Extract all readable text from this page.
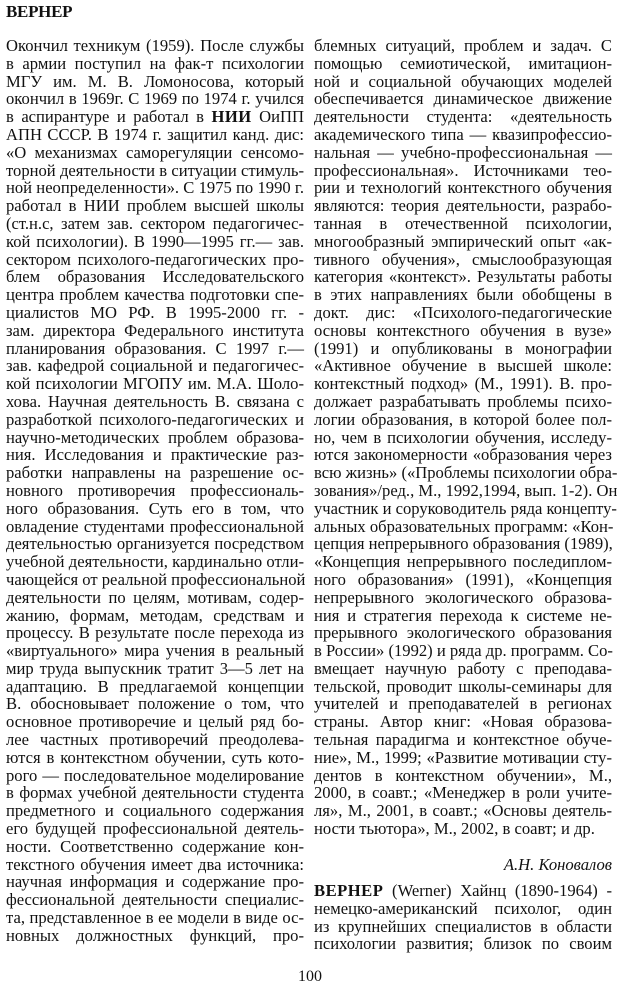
ВЕРНЕР
Окончил техникум (1959). После службы
в армии поступил на фак-т психологии
МГУ им. М. В. Ломоносова, который
окончил в 1969г. С 1969 по 1974 г. учился
в аспирантуре и работал в НИИ ОиПП
АПН СССР. В 1974 г. защитил канд. дис:
«О механизмах саморегуляции сенсомо-
торной деятельности в ситуации стимуль-
ной неопределенности». С 1975 по 1990 г.
работал в НИИ проблем высшей школы
(ст.н.с, затем зав. сектором педагогичес-
кой психологии). В 1990—1995 гг.— зав.
сектором психолого-педагогических про-
блем образования Исследовательского
центра проблем качества подготовки спе-
циалистов МО РФ. В 1995-2000 гг. -
зам. директора Федерального института
планирования образования. С 1997 г.—
зав. кафедрой социальной и педагогичес-
кой психологии МГОПУ им. М.А. Шоло-
хова. Научная деятельность В. связана с
разработкой психолого-педагогических и
научно-методических проблем образова-
ния. Исследования и практические раз-
работки направлены на разрешение ос-
новного противоречия профессиональ-
ного образования. Суть его в том, что
овладение студентами профессиональной
деятельностью организуется посредством
учебной деятельности, кардинально отли-
чающейся от реальной профессиональной
деятельности по целям, мотивам, содер-
жанию, формам, методам, средствам и
процессу. В результате после перехода из
«виртуального» мира учения в реальный
мир труда выпускник тратит 3—5 лет на
адаптацию. В предлагаемой концепции
В. обосновывает положение о том, что
основное противоречие и целый ряд бо-
лее частных противоречий преодолева-
ются в контекстном обучении, суть кото-
рого — последовательное моделирование
в формах учебной деятельности студента
предметного и социального содержания
его будущей профессиональной деятель-
ности. Соответственно содержание кон-
текстного обучения имеет два источника:
научная информация и содержание про-
фессиональной деятельности специалис-
та, представленное в ее модели в виде ос-
новных должностных функций, про-
блемных ситуаций, проблем и задач. С
помощью семиотической, имитацион-
ной и социальной обучающих моделей
обеспечивается динамическое движение
деятельности студента: «деятельность
академического типа — квазипрофессио-
нальная — учебно-профессиональная —
профессиональная». Источниками тео-
рии и технологий контекстного обучения
являются: теория деятельности, разрабо-
танная в отечественной психологии,
многообразный эмпирический опыт «ак-
тивного обучения», смыслообразующая
категория «контекст». Результаты работы
в этих направлениях были обобщены в
докт. дис: «Психолого-педагогические
основы контекстного обучения в вузе»
(1991) и опубликованы в монографии
«Активное обучение в высшей школе:
контекстный подход» (М., 1991). В. про-
должает разрабатывать проблемы психо-
логии образования, в которой более пол-
но, чем в психологии обучения, исследу-
ются закономерности «образования через
всю жизнь» («Проблемы психологии обра-
зования»/ред., М., 1992,1994, вып. 1-2). Он
участник и соруководитель ряда концепту-
альных образовательных программ: «Кон-
цепция непрерывного образования (1989),
«Концепция непрерывного последиплом-
ного образования» (1991), «Концепция
непрерывного экологического образова-
ния и стратегия перехода к системе не-
прерывного экологического образования
в России» (1992) и ряда др. программ. Со-
вмещает научную работу с преподава-
тельской, проводит школы-семинары для
учителей и преподавателей в регионах
страны. Автор книг: «Новая образова-
тельная парадигма и контекстное обуче-
ние», М., 1999; «Развитие мотивации сту-
дентов в контекстном обучении», М.,
2000, в соавт.; «Менеджер в роли учите-
ля», М., 2001, в соавт.; «Основы деятель-
ности тьютора», М., 2002, в соавт; и др.
А.Н. Коновалов
ВЕРНЕР (Werner) Хайнц (1890-1964) -
немецко-американский психолог, один
из крупнейших специалистов в области
психологии развития; близок по своим
100
